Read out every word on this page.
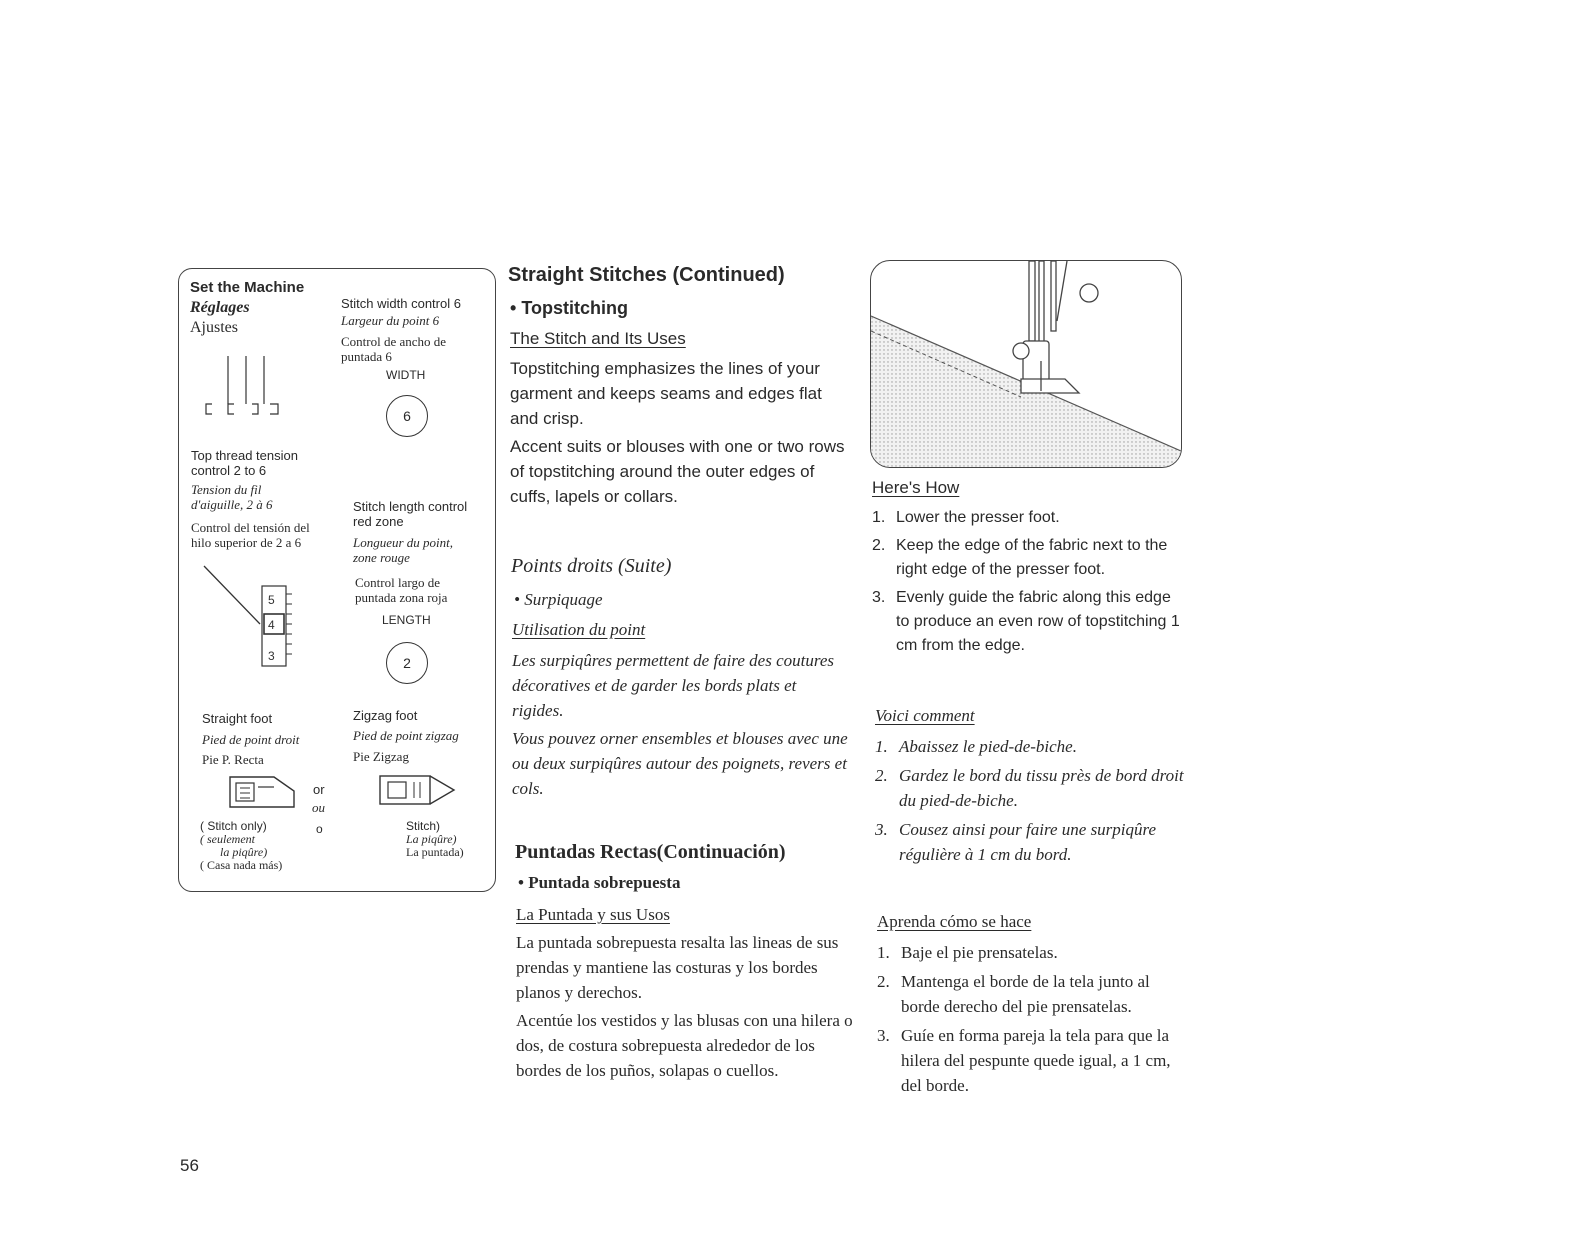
Set the Machine
Réglages
Ajustes
Top thread tension control 2 to 6
Tension du fil d'aiguille, 2 à 6
Control del tensión del hilo superior de 2 a 6
5
4
3
Stitch width control 6
Largeur du point 6
Control de ancho de puntada 6
WIDTH
6
Stitch length control red zone
Longueur du point, zone rouge
Control largo de puntada zona roja
LENGTH
2
Straight foot
Pied de point droit
Pie P. Recta
Zigzag foot
Pied de point zigzag
Pie Zigzag
or
ou
( Stitch only)
( seulement
la piqûre)
( Casa nada más)
o	Stitch)
La piqûre)
La puntada)
Straight Stitches (Continued)
• Topstitching
The Stitch and Its Uses
Topstitching emphasizes the lines of your garment and keeps seams and edges flat and crisp.
Accent suits or blouses with one or two rows of topstitching around the outer edges of cuffs, lapels or collars.
Points droits (Suite)
• Surpiquage
Utilisation du point
Les surpiqûres permettent de faire des coutures décoratives et de garder les bords plats et rigides.
Vous pouvez orner ensembles et blouses avec une ou deux surpiqûres autour des poignets, revers et cols.
Puntadas Rectas(Continuación)
• Puntada sobrepuesta
La Puntada y sus Usos
La puntada sobrepuesta resalta las lineas de sus prendas y mantiene las costuras y los bordes planos y derechos.
Acentúe los vestidos y las blusas con una hilera o dos, de costura sobrepuesta alrededor de los bordes de los puños, solapas o cuellos.
Here's How
1. Lower the presser foot.
2. Keep the edge of the fabric next to the right edge of the presser foot.
3. Evenly guide the fabric along this edge to produce an even row of topstitching 1 cm from the edge.
Voici comment
1. Abaissez le pied-de-biche.
2. Gardez le bord du tissu près de bord droit du pied-de-biche.
3. Cousez ainsi pour faire une surpiqûre régulière à 1 cm du bord.
Aprenda cómo se hace
1. Baje el pie prensatelas.
2. Mantenga el borde de la tela junto al borde derecho del pie prensatelas.
3. Guíe en forma pareja la tela para que la hilera del pespunte quede igual, a 1 cm, del borde.
56
